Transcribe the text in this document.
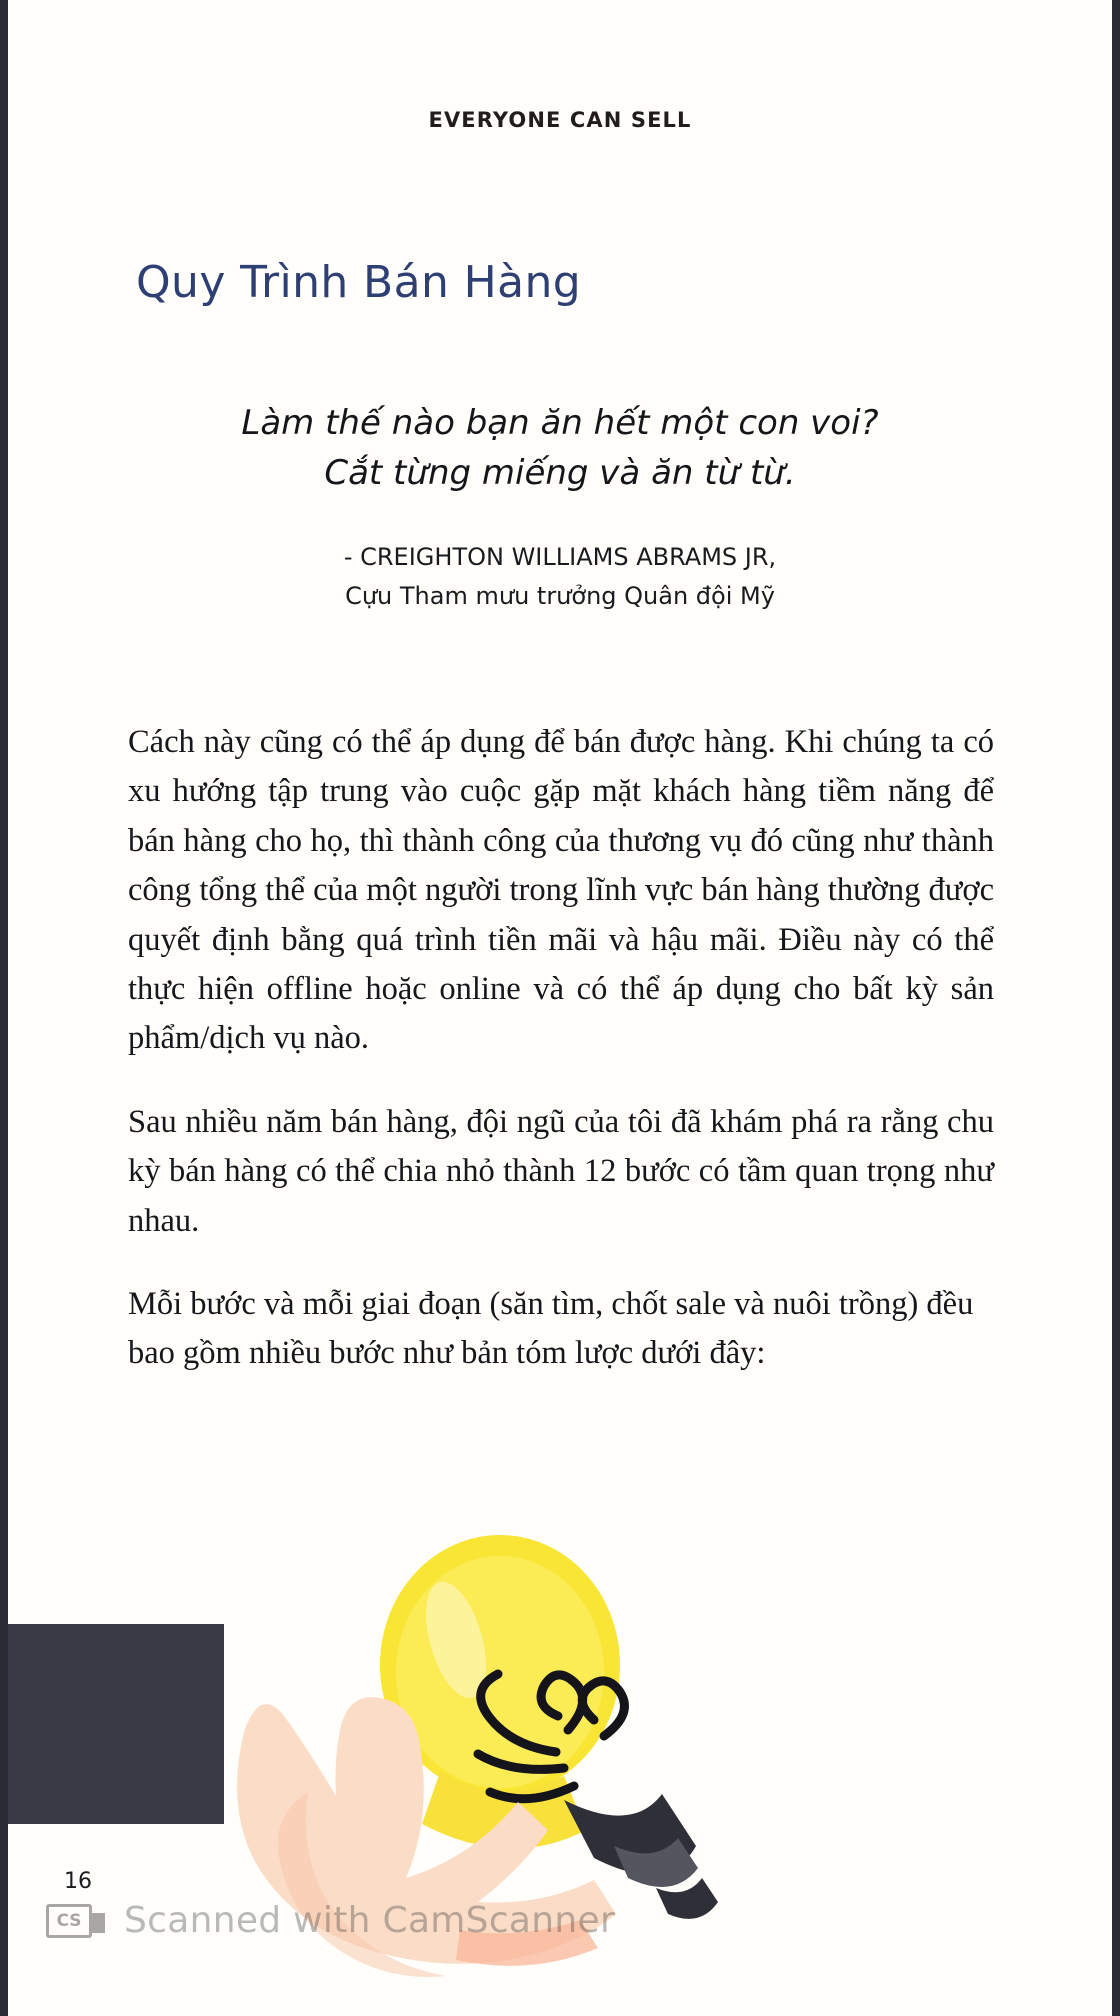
EVERYONE CAN SELL
Quy Trình Bán Hàng
Làm thế nào bạn ăn hết một con voi?
Cắt từng miếng và ăn từ từ.
- CREIGHTON WILLIAMS ABRAMS JR,
Cựu Tham mưu trưởng Quân đội Mỹ

Cách này cũng có thể áp dụng để bán được hàng. Khi chúng ta có xu hướng tập trung vào cuộc gặp mặt khách hàng tiềm năng để bán hàng cho họ, thì thành công của thương vụ đó cũng như thành công tổng thể của một người trong lĩnh vực bán hàng thường được quyết định bằng quá trình tiền mãi và hậu mãi. Điều này có thể thực hiện offline hoặc online và có thể áp dụng cho bất kỳ sản phẩm/dịch vụ nào.

Sau nhiều năm bán hàng, đội ngũ của tôi đã khám phá ra rằng chu kỳ bán hàng có thể chia nhỏ thành 12 bước có tầm quan trọng như nhau.

Mỗi bước và mỗi giai đoạn (săn tìm, chốt sale và nuôi trồng) đều bao gồm nhiều bước như bản tóm lược dưới đây:

16
CS Scanned with CamScanner
